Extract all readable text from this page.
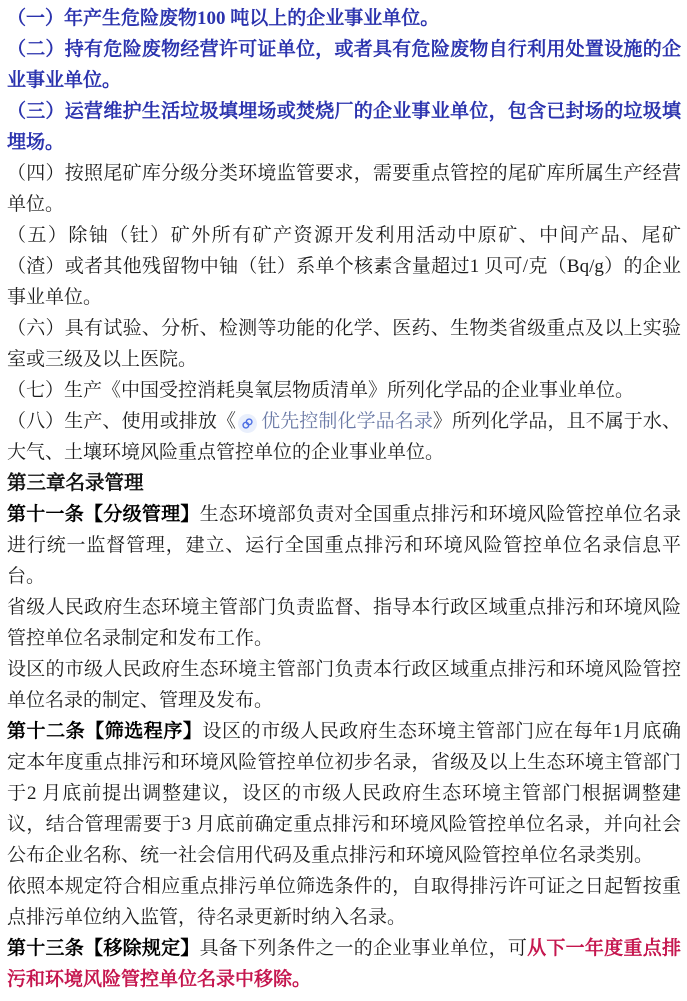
（一）年产生危险废物100 吨以上的企业事业单位。

（二）持有危险废物经营许可证单位，或者具有危险废物自行利用处置设施的企业事业单位。

（三）运营维护生活垃圾填埋场或焚烧厂的企业事业单位，包含已封场的垃圾填埋场。

（四）按照尾矿库分级分类环境监管要求，需要重点管控的尾矿库所属生产经营单位。

（五）除铀（钍）矿外所有矿产资源开发利用活动中原矿、中间产品、尾矿（渣）或者其他残留物中铀（钍）系单个核素含量超过1 贝可/克（Bq/g）的企业事业单位。

（六）具有试验、分析、检测等功能的化学、医药、生物类省级重点及以上实验室或三级及以上医院。

（七）生产《中国受控消耗臭氧层物质清单》所列化学品的企业事业单位。

（八）生产、使用或排放《 优先控制化学品名录》所列化学品，且不属于水、大气、土壤环境风险重点管控单位的企业事业单位。

第三章名录管理

第十一条【分级管理】生态环境部负责对全国重点排污和环境风险管控单位名录进行统一监督管理，建立、运行全国重点排污和环境风险管控单位名录信息平台。

省级人民政府生态环境主管部门负责监督、指导本行政区域重点排污和环境风险管控单位名录制定和发布工作。

设区的市级人民政府生态环境主管部门负责本行政区域重点排污和环境风险管控单位名录的制定、管理及发布。

第十二条【筛选程序】设区的市级人民政府生态环境主管部门应在每年1月底确定本年度重点排污和环境风险管控单位初步名录，省级及以上生态环境主管部门于2 月底前提出调整建议，设区的市级人民政府生态环境主管部门根据调整建议，结合管理需要于3 月底前确定重点排污和环境风险管控单位名录，并向社会公布企业名称、统一社会信用代码及重点排污和环境风险管控单位名录类别。

依照本规定符合相应重点排污单位筛选条件的，自取得排污许可证之日起暂按重点排污单位纳入监管，待名录更新时纳入名录。

第十三条【移除规定】具备下列条件之一的企业事业单位，可从下一年度重点排污和环境风险管控单位名录中移除。
